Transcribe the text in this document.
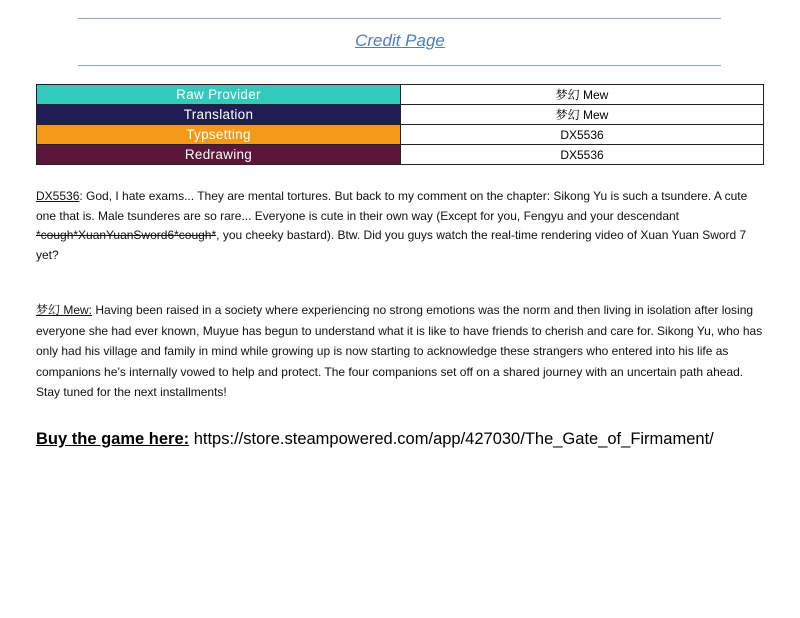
Credit Page
Raw Provider	梦幻 Mew
Translation	梦幻 Mew
Typsetting	DX5536
Redrawing	DX5536
DX5536: God, I hate exams... They are mental tortures. But back to my comment on the chapter: Sikong Yu is such a tsundere. A cute one that is. Male tsunderes are so rare... Everyone is cute in their own way (Except for you, Fengyu and your descendant *cough*XuanYuanSword6*cough*, you cheeky bastard). Btw. Did you guys watch the real-time rendering video of Xuan Yuan Sword 7 yet?
梦幻 Mew: Having been raised in a society where experiencing no strong emotions was the norm and then living in isolation after losing everyone she had ever known, Muyue has begun to understand what it is like to have friends to cherish and care for. Sikong Yu, who has only had his village and family in mind while growing up is now starting to acknowledge these strangers who entered into his life as companions he’s internally vowed to help and protect. The four companions set off on a shared journey with an uncertain path ahead. Stay tuned for the next installments!
Buy the game here: https://store.steampowered.com/app/427030/The_Gate_of_Firmament/
